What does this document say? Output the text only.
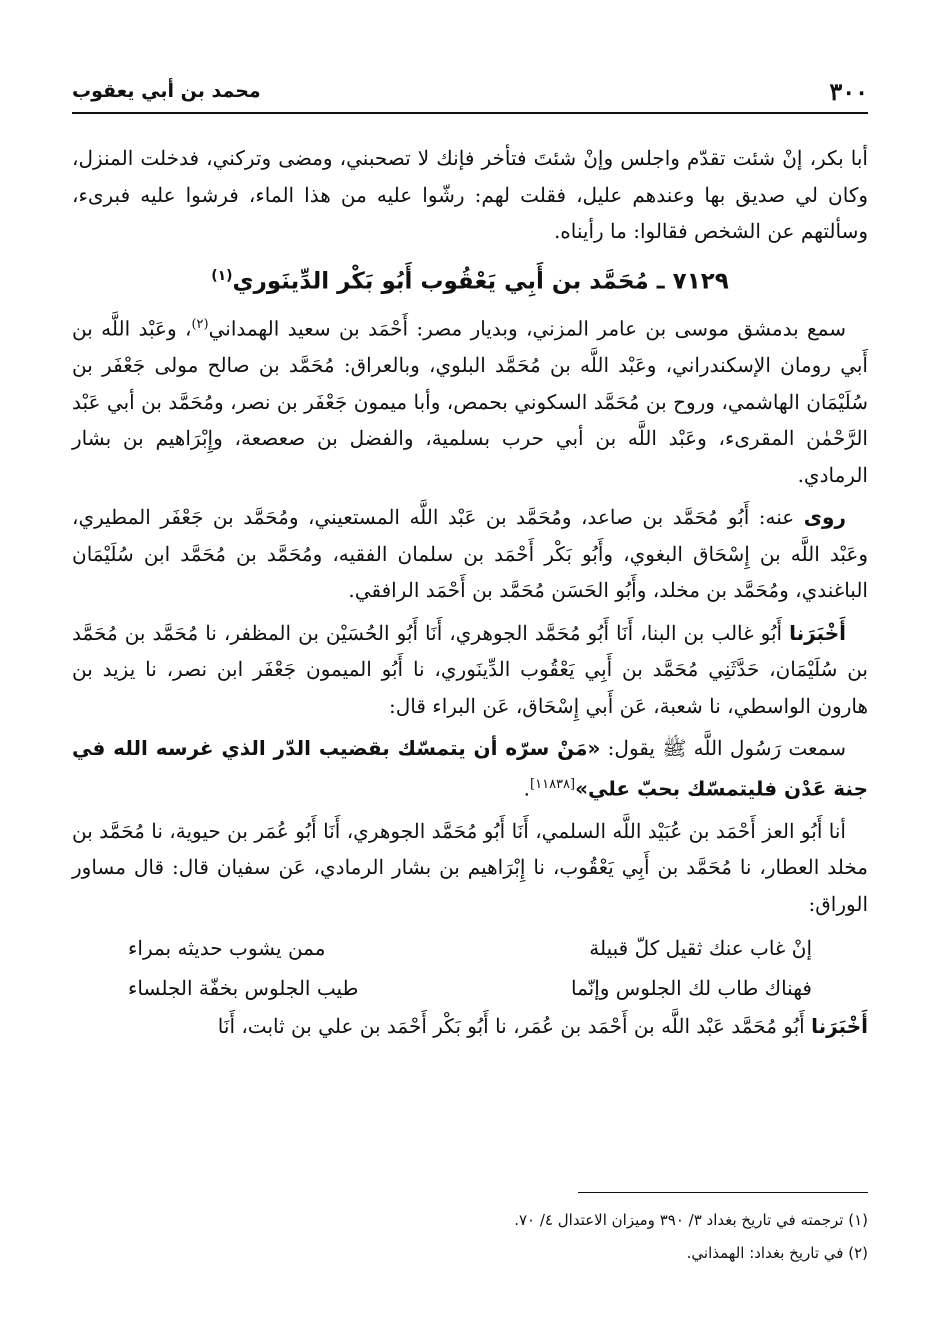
٣٠٠
محمد بن أبي يعقوب

أبا بكر، إنْ شئت تقدّم واجلس وإنْ شئتَ فتأخر فإنك لا تصحبني، ومضى وتركني، فدخلت المنزل، وكان لي صديق بها وعندهم عليل، فقلت لهم: رشّوا عليه من هذا الماء، فرشوا عليه فبرىء، وسألتهم عن الشخص فقالوا: ما رأيناه.

٧١٢٩ ـ مُحَمَّد بن أَبِي يَعْقُوب أَبُو بَكْر الدِّينَوري$^{(١)}$

سمع بدمشق موسى بن عامر المزني، وبديار مصر: أَحْمَد بن سعيد الهمداني$^{(٢)}$، وعَبْد اللَّه بن أَبي رومان الإسكندراني، وعَبْد اللَّه بن مُحَمَّد البلوي، وبالعراق: مُحَمَّد بن صالح مولى جَعْفَر بن سُلَيْمَان الهاشمي، وروح بن مُحَمَّد السكوني بحمص، وأبا ميمون جَعْفَر بن نصر، ومُحَمَّد بن أبي عَبْد الرَّحْمٰن المقرىء، وعَبْد اللَّه بن أبي حرب بسلمية، والفضل بن صعصعة، وإِبْرَاهيم بن بشار الرمادي.

روى عنه: أَبُو مُحَمَّد بن صاعد، ومُحَمَّد بن عَبْد اللَّه المستعيني، ومُحَمَّد بن جَعْفَر المطيري، وعَبْد اللَّه بن إِسْحَاق البغوي، وأَبُو بَكْر أَحْمَد بن سلمان الفقيه، ومُحَمَّد بن مُحَمَّد ابن سُلَيْمَان الباغندي، ومُحَمَّد بن مخلد، وأَبُو الحَسَن مُحَمَّد بن أَحْمَد الرافقي.

أَخْبَرَنا أَبُو غالب بن البنا، أَنَا أَبُو مُحَمَّد الجوهري، أَنَا أَبُو الحُسَيْن بن المظفر، نا مُحَمَّد بن مُحَمَّد بن سُلَيْمَان، حَدَّثَنِي مُحَمَّد بن أَبِي يَعْقُوب الدِّينَوري، نا أَبُو الميمون جَعْفَر ابن نصر، نا يزيد بن هارون الواسطي، نا شعبة، عَن أَبي إِسْحَاق، عَن البراء قال:

سمعت رَسُول اللَّه ﷺ يقول: «مَنْ سرّه أن يتمسّك بقضيب الدّر الذي غرسه الله في جنة عَدْن فليتمسّك بحبّ علي»[١١٨٣٨].

أنا أَبُو العز أَحْمَد بن عُبَيْد اللَّه السلمي، أَنَا أَبُو مُحَمَّد الجوهري، أَنَا أَبُو عُمَر بن حيوية، نا مُحَمَّد بن مخلد العطار، نا مُحَمَّد بن أَبِي يَعْقُوب، نا إِبْرَاهيم بن بشار الرمادي، عَن سفيان قال: قال مساور الوراق:

إنْ غاب عنك ثقيل كلّ قبيلة
ممن يشوب حديثه بمراء
فهناك طاب لك الجلوس وإنّما
طيب الجلوس بخفّة الجلساء

أَخْبَرَنا أَبُو مُحَمَّد عَبْد اللَّه بن أَحْمَد بن عُمَر، نا أَبُو بَكْر أَحْمَد بن علي بن ثابت، أَنَا

(١) ترجمته في تاريخ بغداد ٣/ ٣٩٠ وميزان الاعتدال ٤/ ٧٠.
(٢) في تاريخ بغداد: الهمذاني.
